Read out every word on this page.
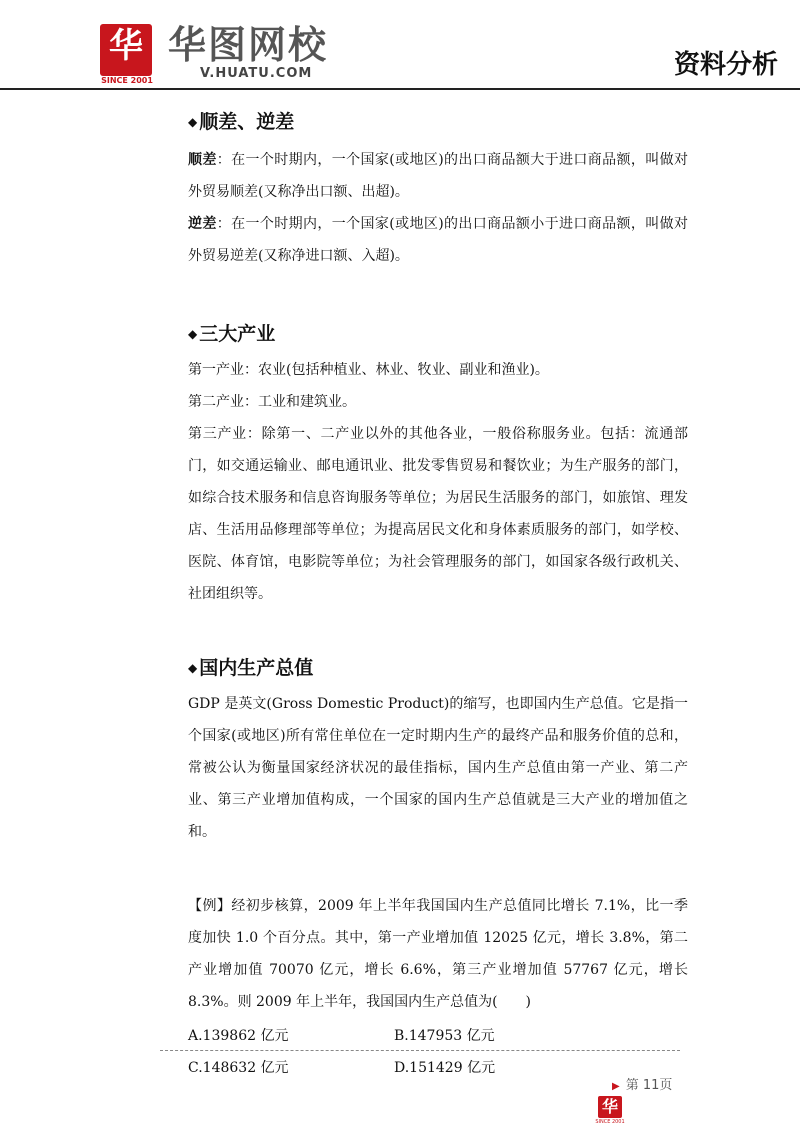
华
SINCE 2001
华图网校
V.HUATU.COM	资料分析
◆ 顺差、逆差

顺差：在一个时期内，一个国家(或地区)的出口商品额大于进口商品额，叫做对外贸易顺差(又称净出口额、出超)。

逆差：在一个时期内，一个国家(或地区)的出口商品额小于进口商品额，叫做对外贸易逆差(又称净进口额、入超)。

◆ 三大产业

第一产业：农业(包括种植业、林业、牧业、副业和渔业)。

第二产业：工业和建筑业。

第三产业：除第一、二产业以外的其他各业，一般俗称服务业。包括：流通部门，如交通运输业、邮电通讯业、批发零售贸易和餐饮业；为生产服务的部门，如综合技术服务和信息咨询服务等单位；为居民生活服务的部门，如旅馆、理发店、生活用品修理部等单位；为提高居民文化和身体素质服务的部门，如学校、医院、体育馆，电影院等单位；为社会管理服务的部门，如国家各级行政机关、社团组织等。

◆ 国内生产总值

GDP 是英文(Gross Domestic Product)的缩写，也即国内生产总值。它是指一个国家(或地区)所有常住单位在一定时期内生产的最终产品和服务价值的总和，常被公认为衡量国家经济状况的最佳指标，国内生产总值由第一产业、第二产业、第三产业增加值构成，一个国家的国内生产总值就是三大产业的增加值之和。

【例】经初步核算，2009 年上半年我国国内生产总值同比增长 7.1%，比一季度加快 1.0 个百分点。其中，第一产业增加值 12025 亿元，增长 3.8%，第二产业增加值 70070 亿元，增长 6.6%，第三产业增加值 57767 亿元，增长 8.3%。则 2009 年上半年，我国国内生产总值为(　　)

A.139862 亿元	B.147953 亿元
C.148632 亿元	D.151429 亿元
▶ 第 11页
华
SINCE 2001
